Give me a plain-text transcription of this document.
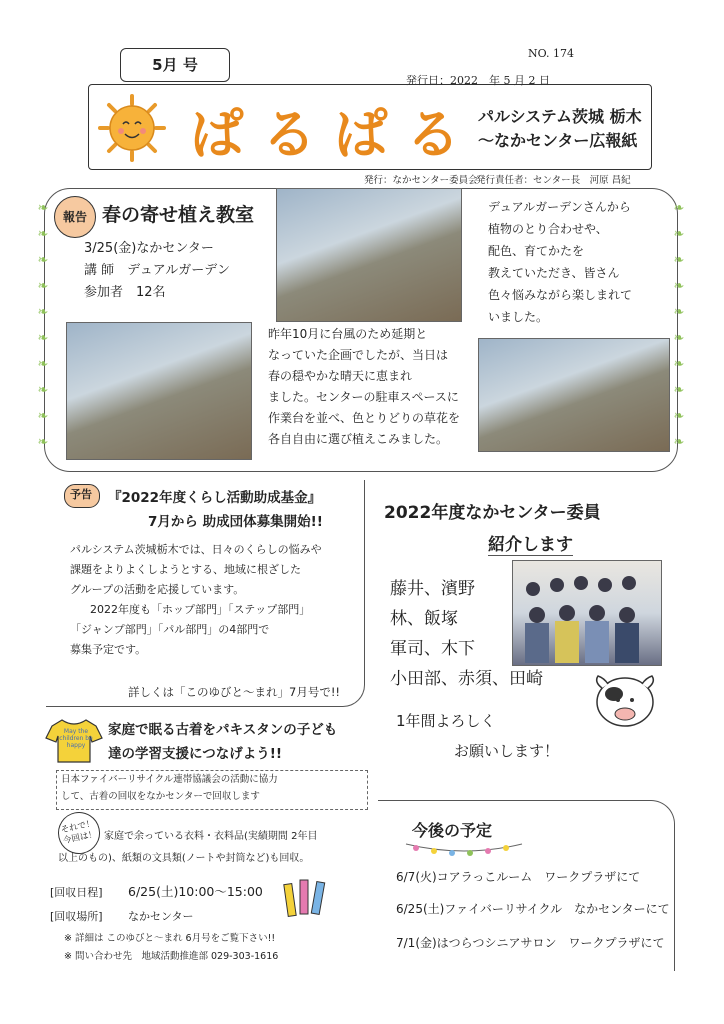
5月 号
NO. 174
発行日：2022　年 5 月 2 日
ぱるぱる パルシステム茨城 栃木
～なかセンター広報紙
発行：なかセンター委員会
発行責任者：センター長　河原 昌紀
❧
❧
❧
❧
❧
❧
❧
❧
❧
❧
❧
❧
❧
❧
❧
❧
❧
❧
❧
❧
報告 春の寄せ植え教室
3/25(金)なかセンター
講 師　デュアルガーデン
参加者　12名
デュアルガーデンさんから
植物のとり合わせや、
配色、育てかたを
教えていただき、皆さん
色々悩みながら楽しまれて
いました。
昨年10月に台風のため延期と
なっていた企画でしたが、当日は
春の穏やかな晴天に恵まれ
ました。センターの駐車スペースに
作業台を並べ、色とりどりの草花を
各自自由に選び植えこみました。
予告	『2022年度くらし活動助成基金』
7月から 助成団体募集開始!!
パルシステム茨城栃木では、日々のくらしの悩みや
課題をよりよくしようとする、地域に根ざした
グループの活動を応援しています。
2022年度も「ホップ部門」「ステップ部門」
「ジャンプ部門」「パル部門」の4部門で
募集予定です。
詳しくは「このゆびと～まれ」7月号で!!
2022年度なかセンター委員
紹介します
藤井、濱野
林、飯塚
軍司、木下
小田部、赤須、田崎
1年間よろしく
お願いします！
May the children be happy
家庭で眠る古着をパキスタンの子ども
達の学習支援につなげよう!!
日本ファイバーリサイクル連帯協議会の活動に協力
して、古着の回収をなかセンターで回収します
それで！今回は！ 家庭で余っている衣料・衣料品(実績期間 2年目
以上のもの)、紙類の文具類(ノートや封筒など)も回収。
[回収日程] 6/25(土)10:00～15:00
[回収場所] なかセンター
※ 詳細は このゆびと～まれ 6月号をご覧下さい!!
※ 問い合わせ先　地域活動推進部 029-303-1616
今後の予定
6/7(火)コアラっこルーム　ワークプラザにて
6/25(土)ファイバーリサイクル　なかセンターにて
7/1(金)はつらつシニアサロン　ワークプラザにて
